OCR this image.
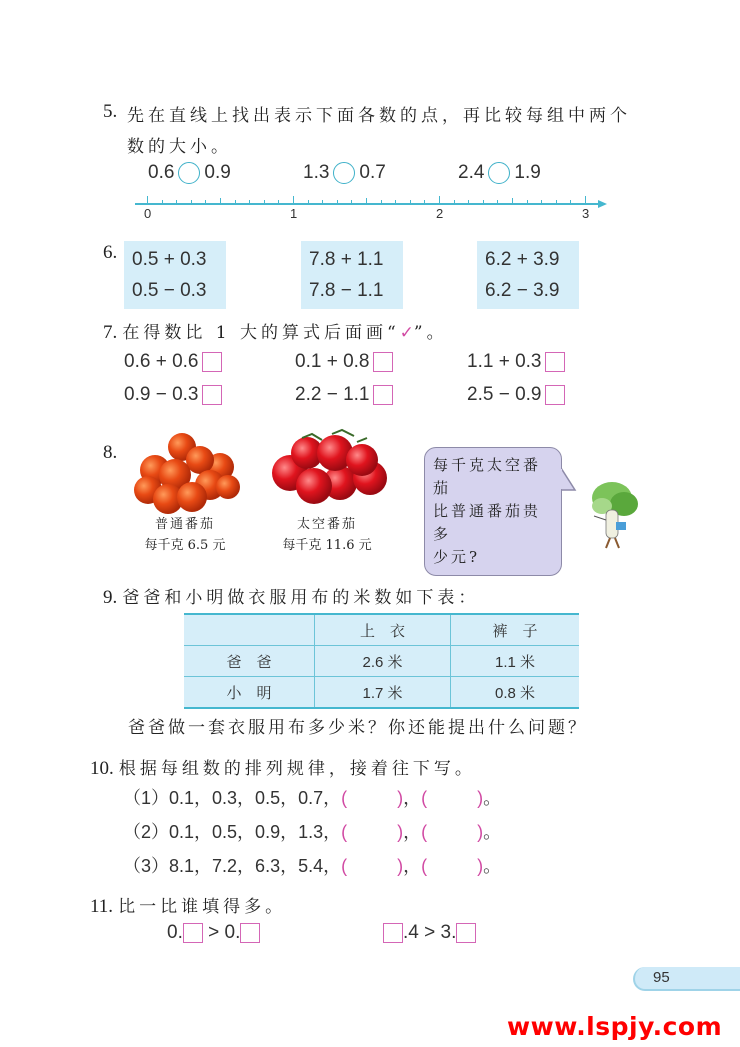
5. 先在直线上找出表示下面各数的点，再比较每组中两个
数的大小。
0.6 0.9	1.3 0.7	2.4 1.9
0	1	2	3
6. 0.5 + 0.3
0.5 − 0.3
7.8 + 1.1
7.8 − 1.1
6.2 + 3.9
6.2 − 3.9
7. 在得数比 1 大的算式后面画“✓”。
0.6 + 0.6	0.1 + 0.8	1.1 + 0.3
0.9 − 0.3	2.2 − 1.1	2.5 − 0.9
8.
普通番茄
每千克 6.5 元
太空番茄
每千克 11.6 元
每千克太空番茄
比普通番茄贵多
少元?
9. 爸爸和小明做衣服用布的米数如下表：
	上　衣	裤　子
爸　爸	2.6 米	1.1 米
小　明	1.7 米	0.8 米
爸爸做一套衣服用布多少米？你还能提出什么问题？
10. 根据每组数的排列规律，接着往下写。
（1）0.1，0.3，0.5，0.7，(	)，(	)。
（2）0.1，0.5，0.9，1.3，(	)，(	)。
（3）8.1，7.2，6.3，5.4，(	)，(	)。
11. 比一比谁填得多。
0. > 0.	.4 > 3.
95
www.lspjy.com
